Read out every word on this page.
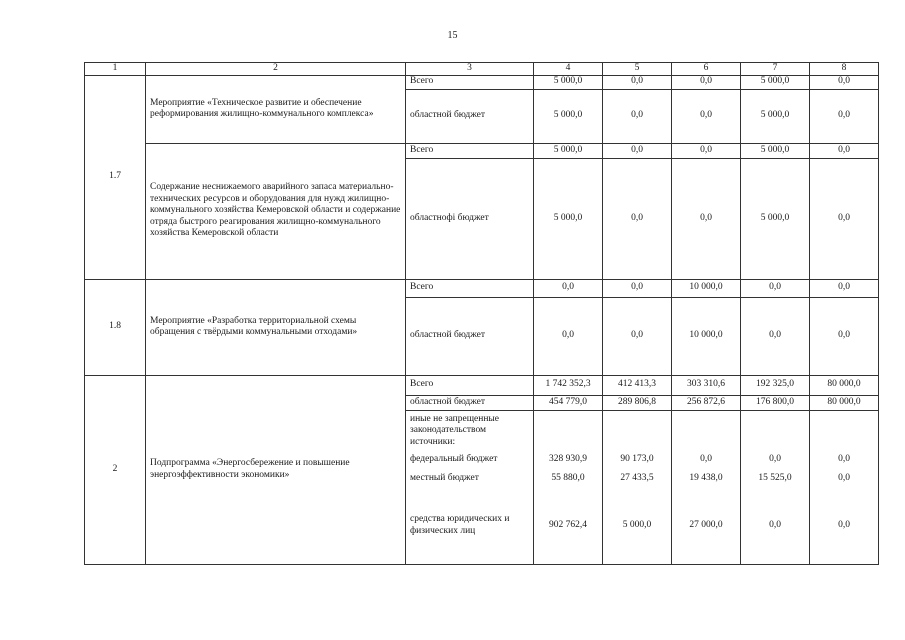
15
1	2	3	4	5	6	7	8
1.7	Мероприятие «Техническое развитие и обеспечение реформирования жилищно-коммунального комплекса»	Всего	5 000,0	0,0	0,0	5 000,0	0,0
		областной бюджет	5 000,0	0,0	0,0	5 000,0	0,0
	Содержание неснижаемого аварийного запаса материально-технических ресурсов и оборудования для нужд жилищно-коммунального хозяйства Кемеровской области и содержание отряда быстрого реагирования жилищно-коммунального хозяйства Кемеровской области	Всего	5 000,0	0,0	0,0	5 000,0	0,0
		областнофі бюджет	5 000,0	0,0	0,0	5 000,0	0,0
1.8	Мероприятие «Разработка территориальной схемы обращения с твёрдыми коммунальными отходами»	Всего	0,0	0,0	10 000,0	0,0	0,0
		областной бюджет	0,0	0,0	10 000,0	0,0	0,0
2	Подпрограмма «Энергосбережение и повышение энергоэффективности экономики»	Всего	1 742 352,3	412 413,3	303 310,6	192 325,0	80 000,0
		областной бюджет	454 779,0	289 806,8	256 872,6	176 800,0	80 000,0
		иные не запрещенные законодательством источники:					
		федеральный бюджет	328 930,9	90 173,0	0,0	0,0	0,0
		местный бюджет	55 880,0	27 433,5	19 438,0	15 525,0	0,0
		средства юридических и физических лиц	902 762,4	5 000,0	27 000,0	0,0	0,0
